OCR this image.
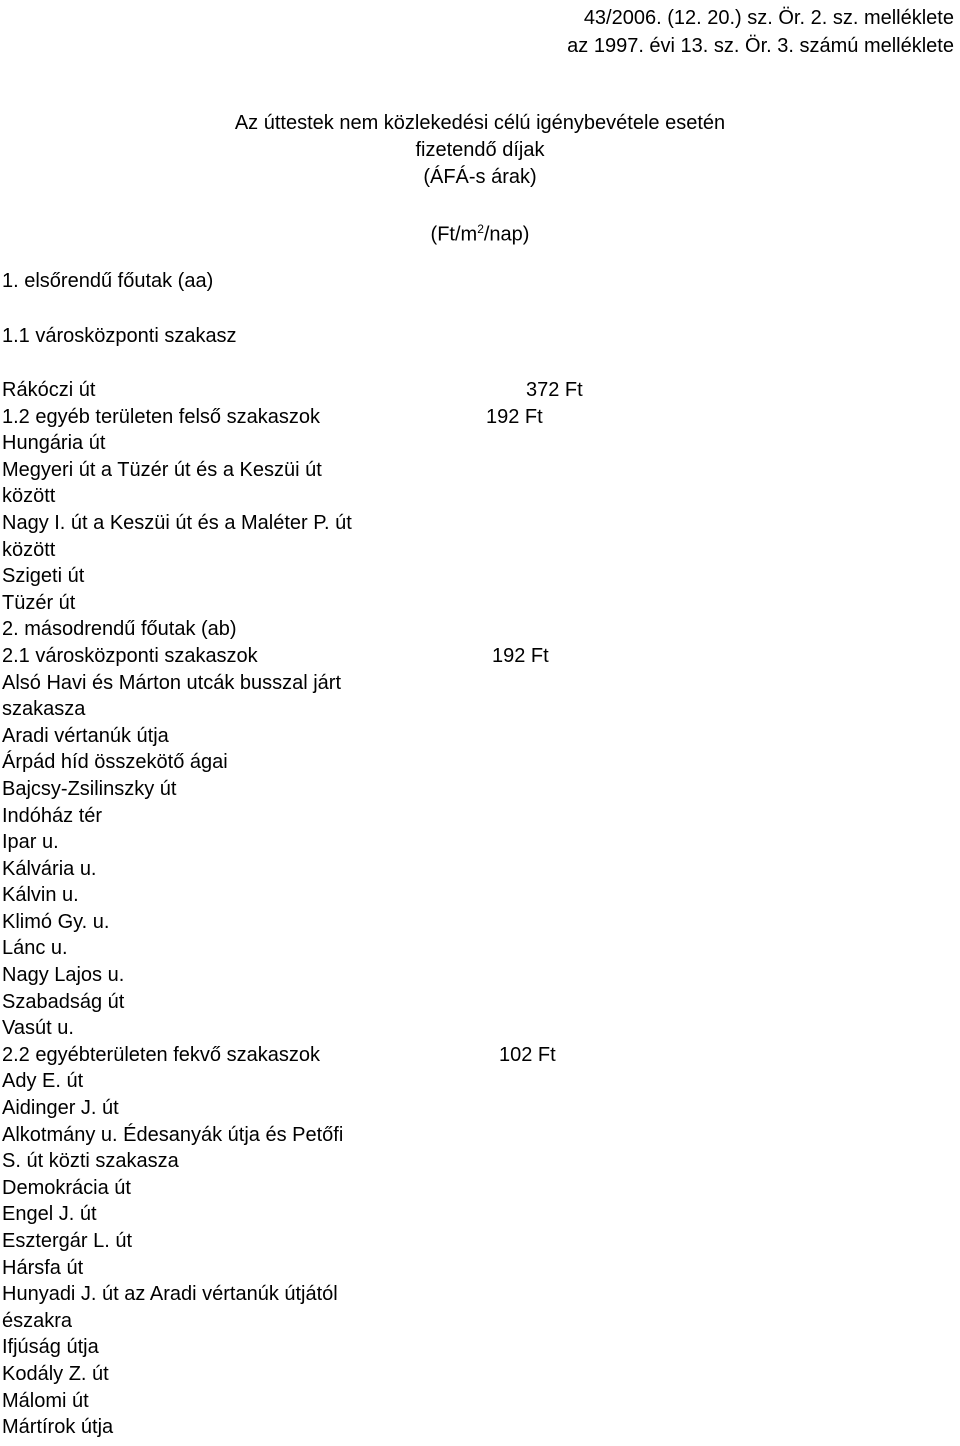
43/2006. (12. 20.) sz. Ör. 2. sz. melléklete
az 1997. évi 13. sz. Ör. 3. számú melléklete
Az úttestek nem közlekedési célú igénybevétele esetén
fizetendő díjak
(ÁFÁ-s árak)
$(Ft/m^2/nap)$
1. elsőrendű főutak (aa)
1.1 városközponti szakasz
Rákóczi út	372 Ft
1.2 egyéb területen felső szakaszok	192 Ft
Hungária út
Megyeri út a Tüzér út és a Keszüi út
között
Nagy I. út a Keszüi út és a Maléter P. út
között
Szigeti út
Tüzér út
2. másodrendű főutak (ab)
2.1 városközponti szakaszok	192 Ft
Alsó Havi és Márton utcák busszal járt
szakasza
Aradi vértanúk útja
Árpád híd összekötő ágai
Bajcsy-Zsilinszky út
Indóház tér
Ipar u.
Kálvária u.
Kálvin u.
Klimó Gy. u.
Lánc u.
Nagy Lajos u.
Szabadság út
Vasút u.
2.2 egyébterületen fekvő szakaszok	102 Ft
Ady E. út
Aidinger J. út
Alkotmány u. Édesanyák útja és Petőfi
S. út közti szakasza
Demokrácia út
Engel J. út
Esztergár L. út
Hársfa út
Hunyadi J. út az Aradi vértanúk útjától
északra
Ifjúság útja
Kodály Z. út
Málomi út
Mártírok útja
